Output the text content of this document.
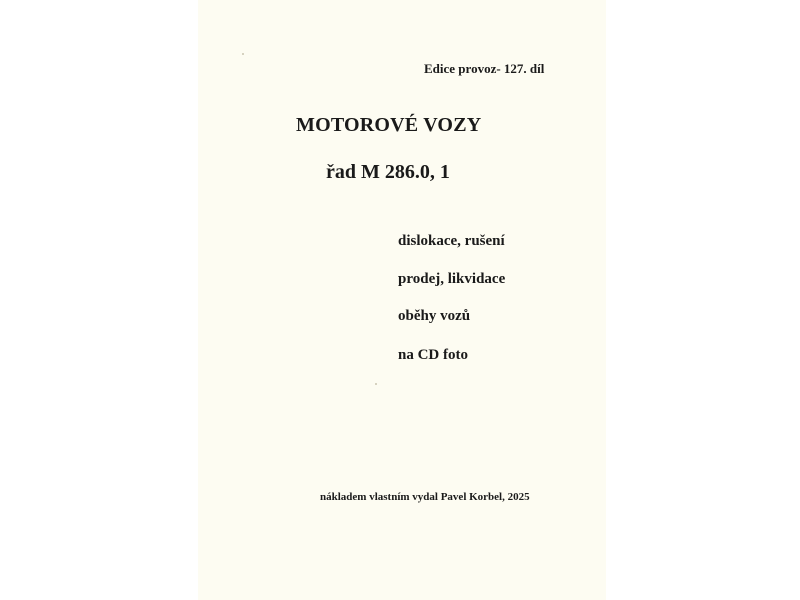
Edice provoz- 127. díl

MOTOROVÉ VOZY
řad M 286.0, 1

dislokace, rušení

prodej, likvidace

oběhy vozů

na CD foto

nákladem vlastním vydal Pavel Korbel, 2025
